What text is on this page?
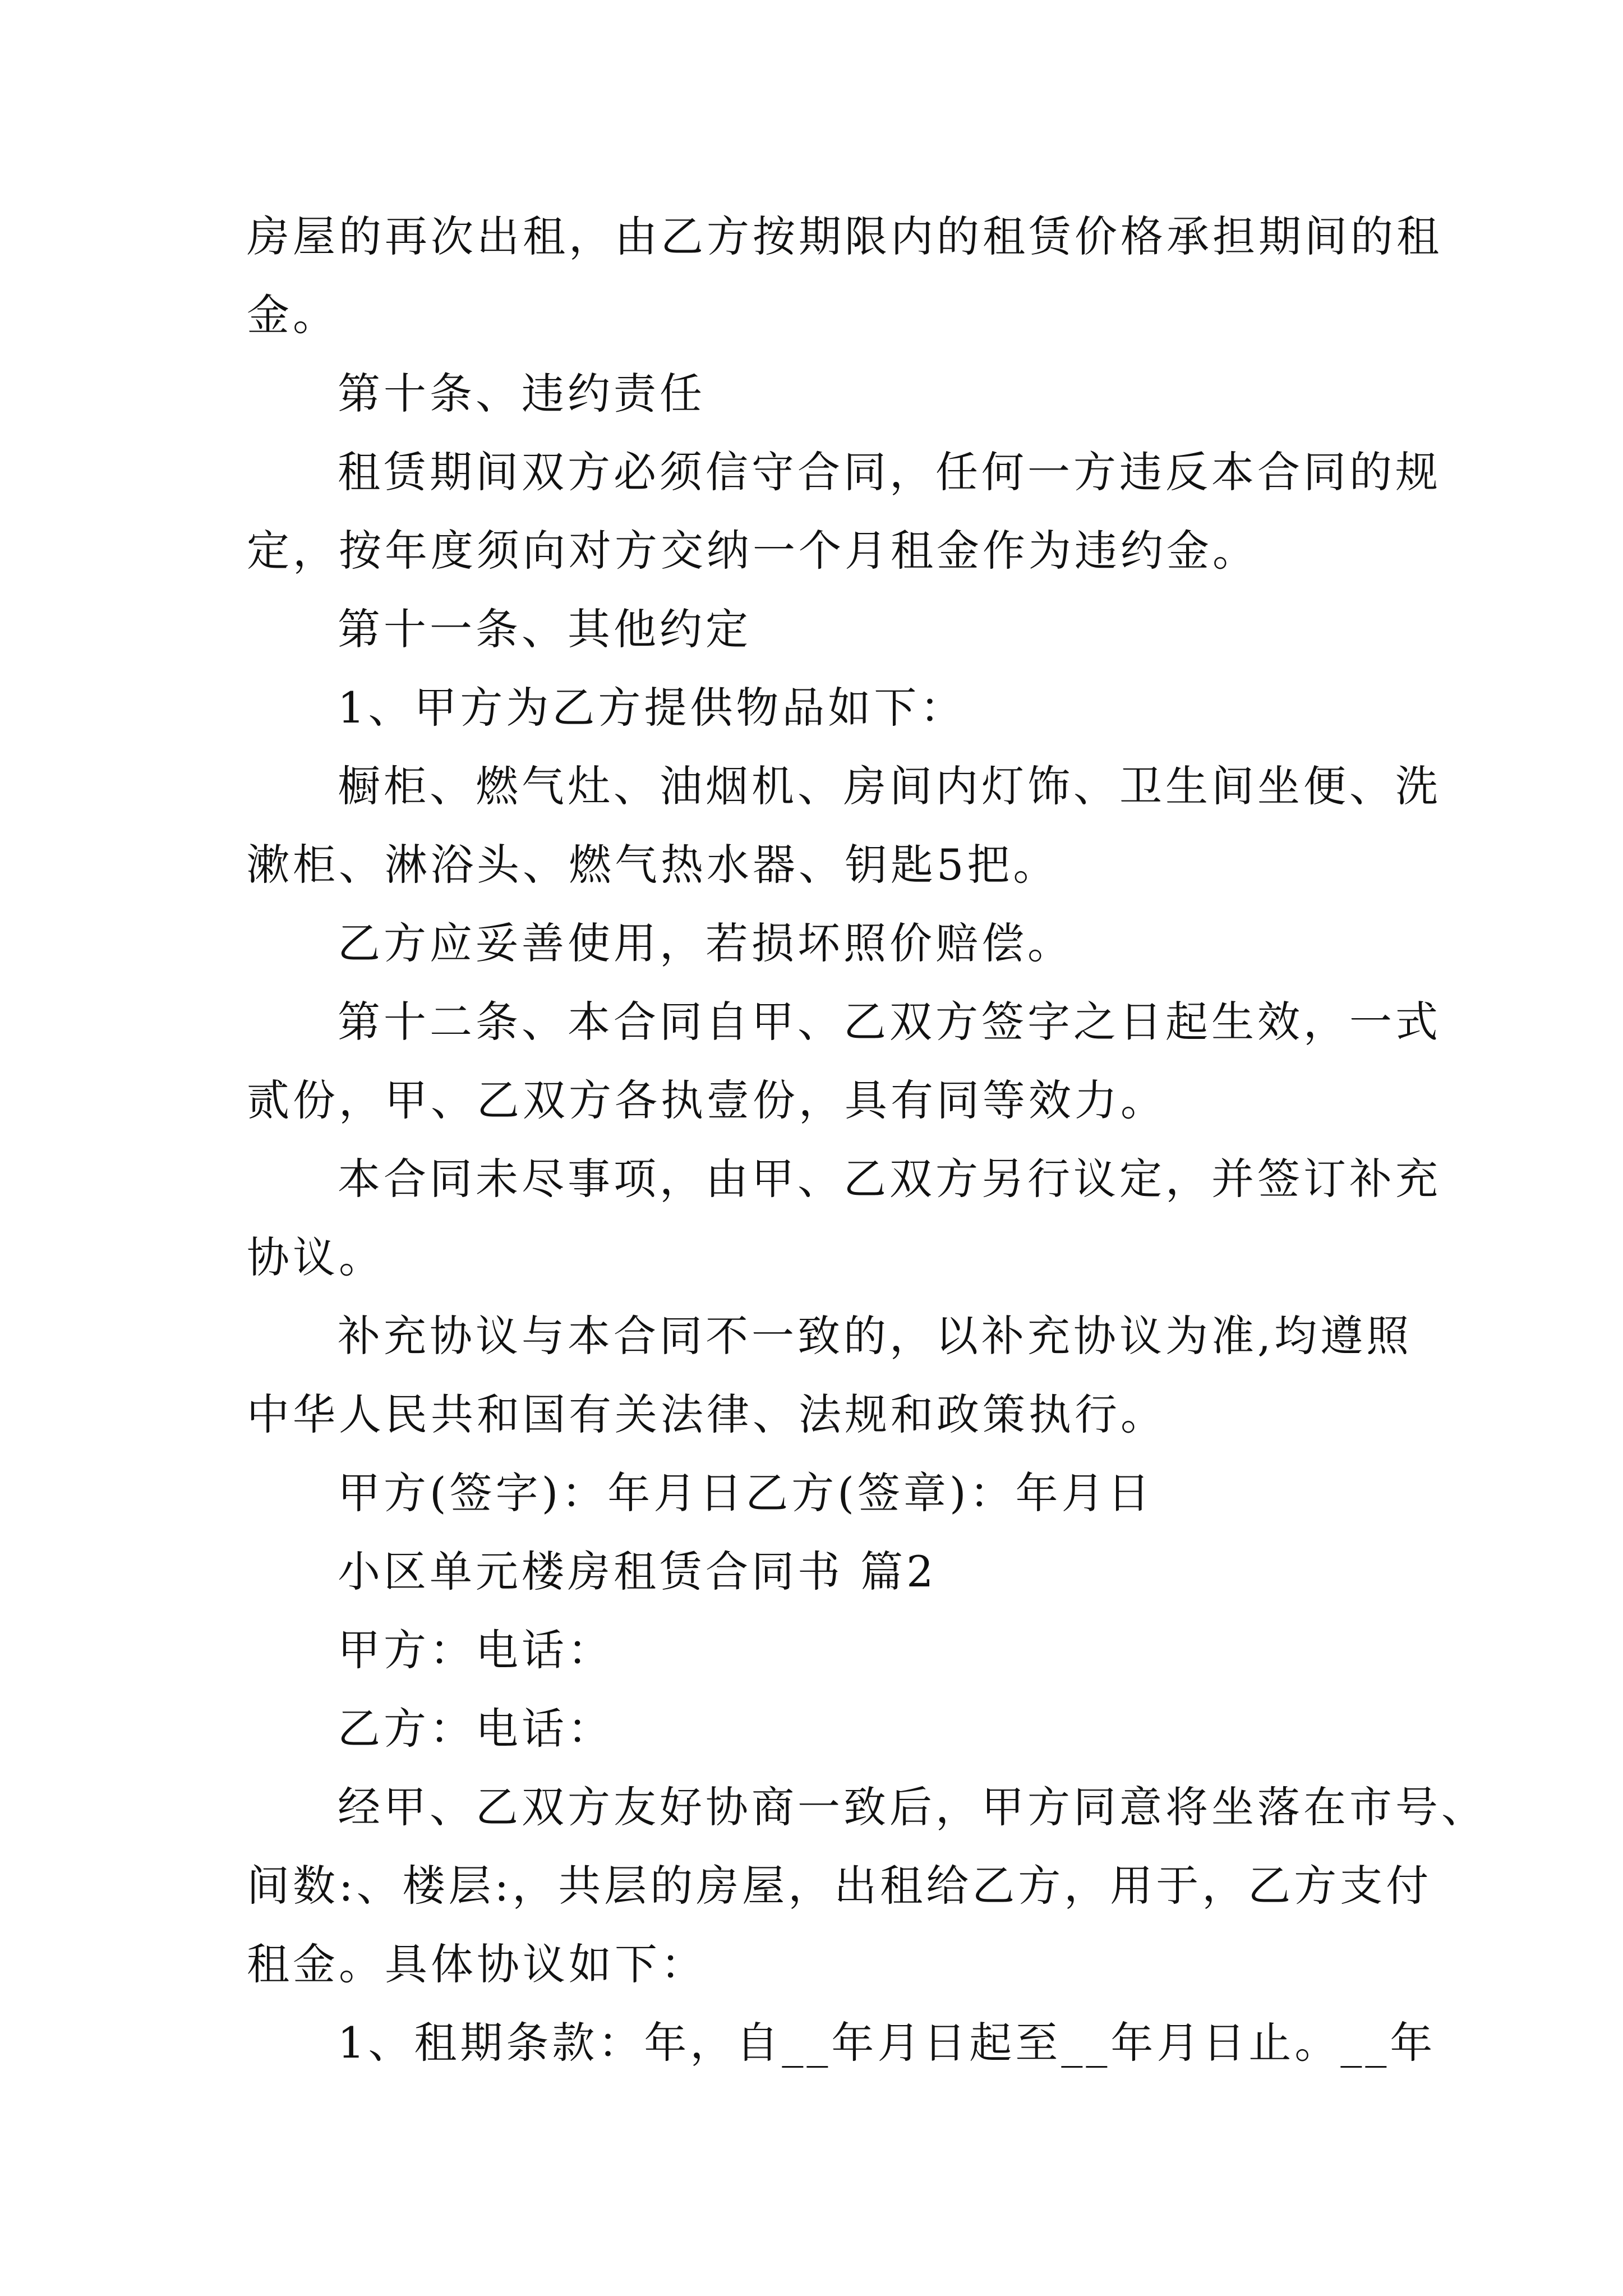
房屋的再次出租，由乙方按期限内的租赁价格承担期间的租

金。

第十条、违约责任

租赁期间双方必须信守合同，任何一方违反本合同的规

定，按年度须向对方交纳一个月租金作为违约金。

第十一条、其他约定

1、甲方为乙方提供物品如下：

橱柜、燃气灶、油烟机、房间内灯饰、卫生间坐便、洗

漱柜、淋浴头、燃气热水器、钥匙5把。

乙方应妥善使用，若损坏照价赔偿。

第十二条、本合同自甲、乙双方签字之日起生效，一式

贰份，甲、乙双方各执壹份，具有同等效力。

本合同未尽事项，由甲、乙双方另行议定，并签订补充

协议。

补充协议与本合同不一致的，以补充协议为准,均遵照

中华人民共和国有关法律、法规和政策执行。

甲方(签字)：年月日乙方(签章)：年月日

小区单元楼房租赁合同书 篇2

甲方：电话：

乙方：电话：

经甲、乙双方友好协商一致后，甲方同意将坐落在市号、

间数:、楼层:，共层的房屋，出租给乙方，用于，乙方支付

租金。具体协议如下：

1、租期条款：年，自__年月日起至__年月日止。__年
